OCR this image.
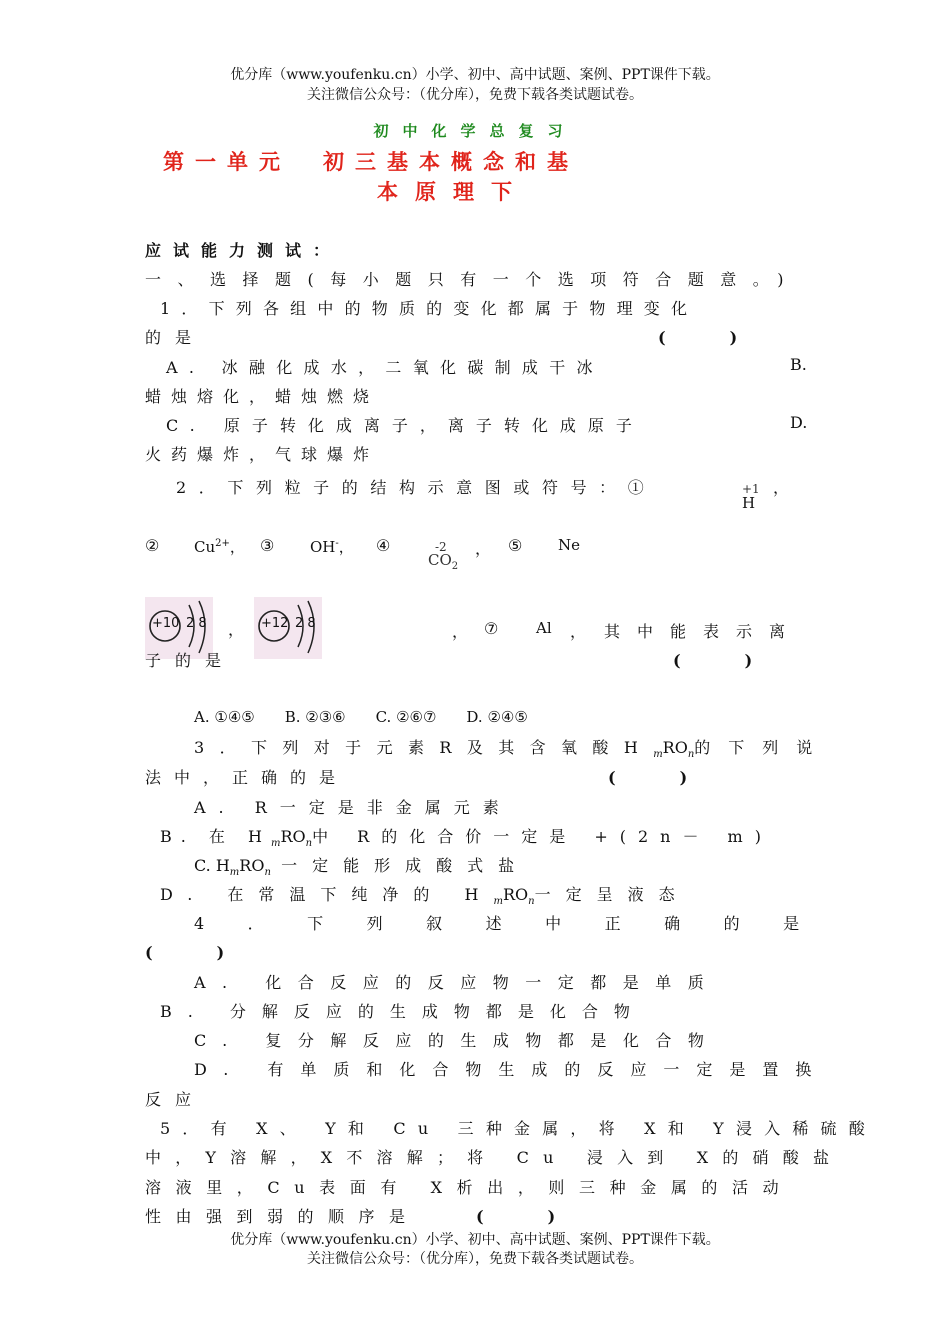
优分库（www.youfenku.cn）小学、初中、高中试题、案例、PPT课件下载。
关注微信公众号：（优分库），免费下载各类试题试卷。
初中化学总复习
第一单元　初三基本概念和基
本原理下
应试能力测试：
一、选择题(每小题只有一个选项符合题意。)
1．下列各组中的物质的变化都属于物理变化
的是	(　　　　)
A. 冰融化成水，二氧化碳制成干冰	B.
蜡烛熔化，蜡烛燃烧
C. 原子转化成离子，离子转化成原子	D.
火药爆炸，气球爆炸
2．下列粒子的结构示意图或符号：①	+1
H
，
② $Cu^{2+}$， ③ OH-， ④	-2
$CO_2$
， ⑤ Ne
+10 2 8 ， +12 2 8	， ⑦	Al ， 其中能表示离
子的是	(　　　　)
A. ①④⑤　　B. ②③⑥　　C. ②⑥⑦　　D. ②④⑤
3．下列对于元素R及其含氧酸$H_mRO_n$的下列说
法中，正确的是	(　　　　)
A. R一定是非金属元素
B. 在 $H_mRO_n$中 R的化合价一定是 +(2n－ m)
C. $H_mRO_n$ 一定能形成酸式盐
D. 在常温下纯净的 $H_mRO_n$一定呈液态
4．下列叙述中正确的是
(　　　　)
A. 化合反应的反应物一定都是单质
B. 分解反应的生成物都是化合物
C. 复分解反应的生成物都是化合物
D. 有单质和化合物生成的反应一定是置换
反应
5．有 X、 Y和 Cu 三种金属，将 X和 Y浸入稀硫酸
中，Y溶解，X不溶解；将 Cu 浸入到 X的硝酸盐
溶液里，Cu表面有 X析出，则三种金属的活动
性由强到弱的顺序是	(　　　　)
优分库（www.youfenku.cn）小学、初中、高中试题、案例、PPT课件下载。
关注微信公众号：（优分库），免费下载各类试题试卷。
